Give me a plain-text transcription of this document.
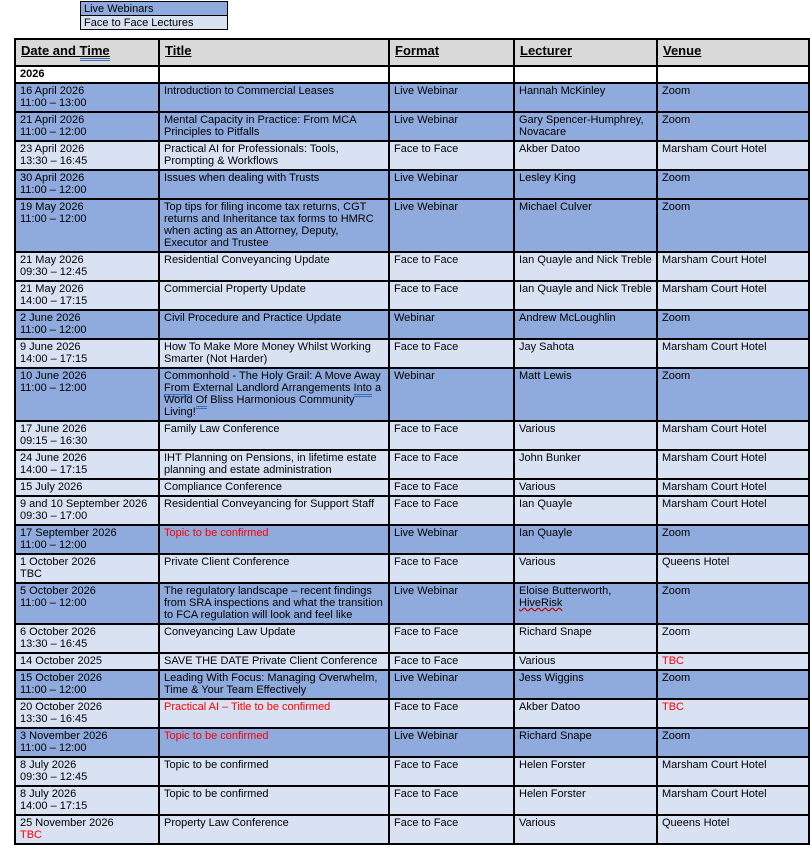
Live Webinars
Face to Face Lectures
Date and Time	Title	Format	Lecturer	Venue
2026				

16 April 2026
11:00 – 13:00	Introduction to Commercial Leases	Live Webinar	Hannah McKinley	Zoom

21 April 2026
11:00 – 12:00	Mental Capacity in Practice: From MCA Principles to Pitfalls	Live Webinar	Gary Spencer-Humphrey, Novacare	Zoom

23 April 2026
13:30 – 16:45	Practical AI for Professionals: Tools, Prompting & Workflows	Face to Face	Akber Datoo	Marsham Court Hotel

30 April 2026
11:00 – 12:00	Issues when dealing with Trusts	Live Webinar	Lesley King	Zoom

19 May 2026
11:00 – 12:00	Top tips for filing income tax returns, CGT returns and Inheritance tax forms to HMRC when acting as an Attorney, Deputy, Executor and Trustee	Live Webinar	Michael Culver	Zoom

21 May 2026
09:30 – 12:45	Residential Conveyancing Update	Face to Face	Ian Quayle and Nick Treble	Marsham Court Hotel

21 May 2026
14:00 – 17:15	Commercial Property Update	Face to Face	Ian Quayle and Nick Treble	Marsham Court Hotel

2 June 2026
11:00 – 12:00	Civil Procedure and Practice Update	Webinar	Andrew McLoughlin	Zoom

9 June 2026
14:00 – 17:15	How To Make More Money Whilst Working Smarter (Not Harder)	Face to Face	Jay Sahota	Marsham Court Hotel

10 June 2026
11:00 – 12:00	Commonhold - The Holy Grail: A Move Away From External Landlord Arrangements Into a World Of Bliss Harmonious Community Living!	Webinar	Matt Lewis	Zoom

17 June 2026
09:15 – 16:30	Family Law Conference	Face to Face	Various	Marsham Court Hotel

24 June 2026
14:00 – 17:15	IHT Planning on Pensions, in lifetime estate planning and estate administration	Face to Face	John Bunker	Marsham Court Hotel

15 July 2026	Compliance Conference	Face to Face	Various	Marsham Court Hotel

9 and 10 September 2026
09:30 – 17:00	Residential Conveyancing for Support Staff	Face to Face	Ian Quayle	Marsham Court Hotel

17 September 2026
11:00 – 12:00	Topic to be confirmed	Live Webinar	Ian Quayle	Zoom

1 October 2026
TBC	Private Client Conference	Face to Face	Various	Queens Hotel

5 October 2026
11:00 – 12:00	The regulatory landscape – recent findings from SRA inspections and what the transition to FCA regulation will look and feel like	Live Webinar	Eloise Butterworth, HiveRisk	Zoom

6 October 2026
13:30 – 16:45	Conveyancing Law Update	Face to Face	Richard Snape	Zoom

14 October 2025	SAVE THE DATE Private Client Conference	Face to Face	Various	TBC

15 October 2026
11:00 – 12:00	Leading With Focus: Managing Overwhelm, Time & Your Team Effectively	Live Webinar	Jess Wiggins	Zoom

20 October 2026
13:30 – 16:45	Practical AI – Title to be confirmed	Face to Face	Akber Datoo	TBC

3 November 2026
11:00 – 12:00	Topic to be confirmed	Live Webinar	Richard Snape	Zoom

8 July 2026
09:30 – 12:45	Topic to be confirmed	Face to Face	Helen Forster	Marsham Court Hotel

8 July 2026
14:00 – 17:15	Topic to be confirmed	Face to Face	Helen Forster	Marsham Court Hotel

25 November 2026
TBC	Property Law Conference	Face to Face	Various	Queens Hotel
